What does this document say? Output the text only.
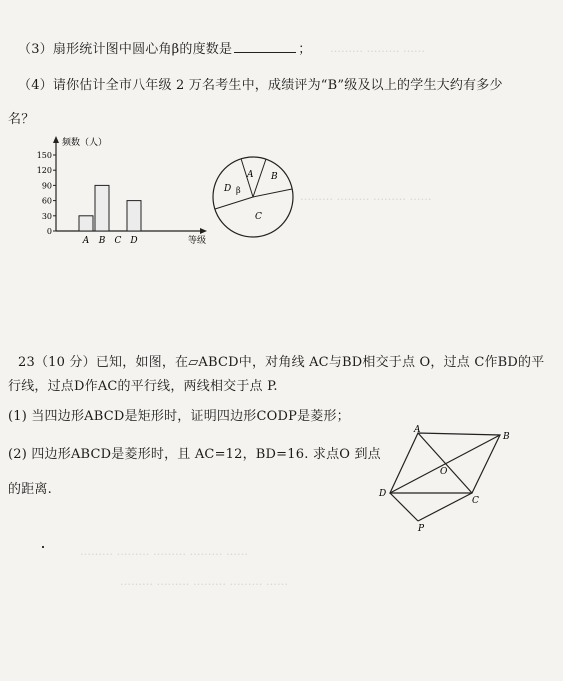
……… ……… ……
……… ……… ……… ……
……… ……… ……… ……… ……
……… ……… ……… ……… ……
（3）扇形统计图中圆心角β的度数是	；
（4）请你估计全市八年级 2 万名考生中，成绩评为“B”级及以上的学生大约有多少
名？
频数（人）
等级
0
30
60
90
120
150
A B C D
A B
C
D β
23（10 分）已知，如图，在▱ABCD中，对角线 AC与BD相交于点 O，过点 C作BD的平
行线，过点D作AC的平行线，两线相交于点 P.
(1) 当四边形ABCD是矩形时，证明四边形CODP是菱形；
(2) 四边形ABCD是菱形时，且 AC=12，BD=16. 求点O 到点
的距离.
A
B
O
D
C
P
